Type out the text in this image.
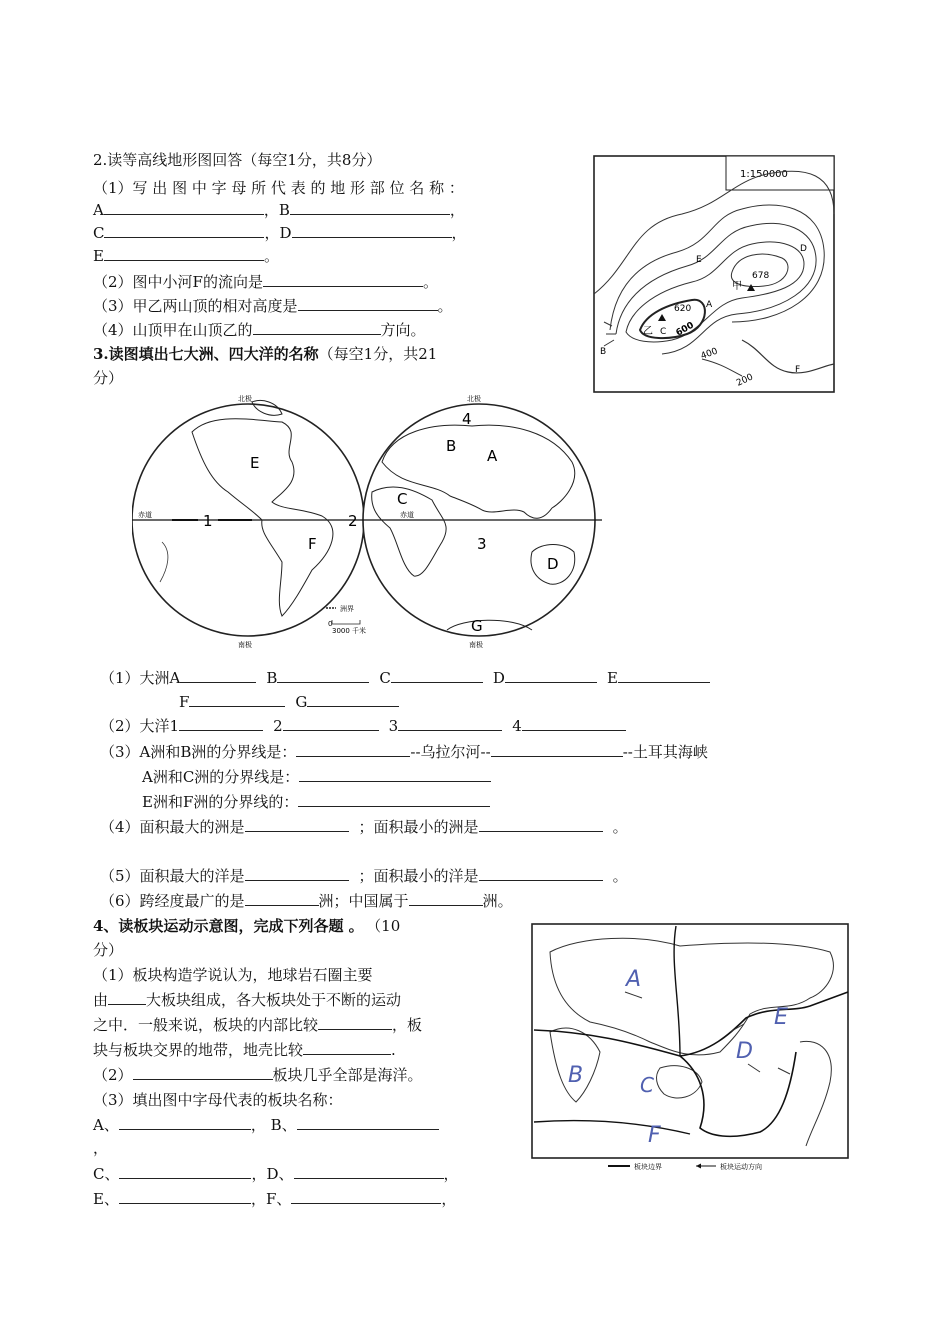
2.读等高线地形图回答（每空1分，共8分）
（1）写 出 图 中 字 母 所 代 表 的 地 形 部 位 名 称 ：
A	，B	，
C	，D	，
E	。
（2）图中小河F的流向是	。
（3）甲乙两山顶的相对高度是	。
（4）山顶甲在山顶乙的	方向。
1:150000
D
E
B
F
A
C
甲
678
乙
620
600
400
200
3.读图填出七大洲、四大洋的名称（每空1分，共21
分）
北极	北极
南极	南极
赤道	赤道
B
A
C
D
E
F
G
1	2
3
4
洲界
0
3000 千米
（1）大洲A	B	C	D	E
F	G
（2）大洋1	2	3	4
（3）A洲和B洲的分界线是：	--乌拉尔河--	--土耳其海峡
A洲和C洲的分界线是：
E洲和F洲的分界线的：
（4）面积最大的洲是	；面积最小的洲是	。
（5）面积最大的洋是	；面积最小的洋是	。
（6）跨经度最广的是	洲；中国属于	洲。
4、读板块运动示意图，完成下列各题 。 （10
分）
（1）板块构造学说认为，地球岩石圈主要
由	大板块组成，各大板块处于不断的运动
之中．一般来说，板块的内部比较	，板
块与板块交界的地带，地壳比较	.
（2）	板块几乎全部是海洋。
（3）填出图中字母代表的板块名称：
A、	， B、
，
C、	，D、	，
E、	，F、	，
A
B	C
D
E
F
板块边界	板块运动方向
